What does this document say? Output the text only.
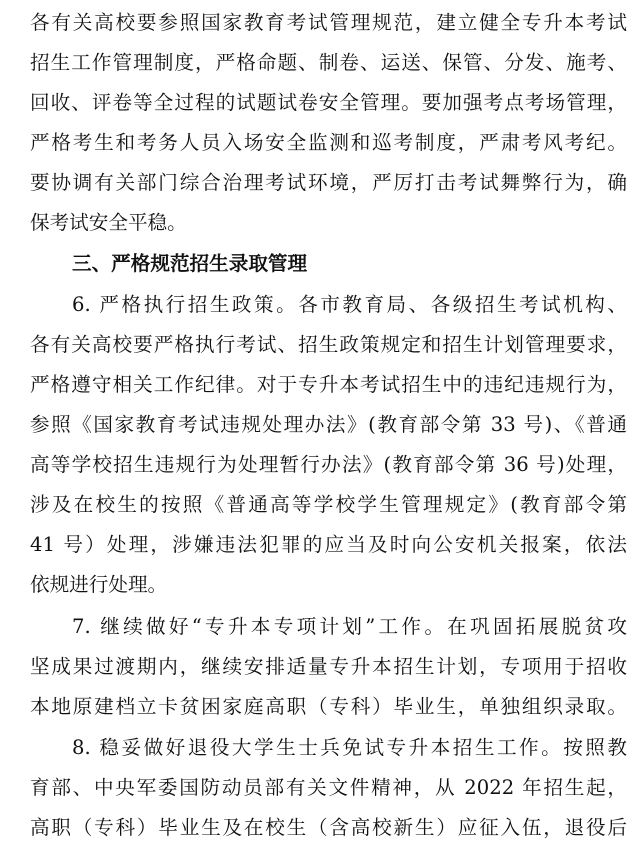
各有关高校要参照国家教育考试管理规范，建立健全专升本考试
招生工作管理制度，严格命题、制卷、运送、保管、分发、施考、
回收、评卷等全过程的试题试卷安全管理。要加强考点考场管理，
严格考生和考务人员入场安全监测和巡考制度，严肃考风考纪。
要协调有关部门综合治理考试环境，严厉打击考试舞弊行为，确
保考试安全平稳。
三、严格规范招生录取管理
6. 严格执行招生政策。各市教育局、各级招生考试机构、
各有关高校要严格执行考试、招生政策规定和招生计划管理要求，
严格遵守相关工作纪律。对于专升本考试招生中的违纪违规行为，
参照《国家教育考试违规处理办法》(教育部令第 33 号)、《普通
高等学校招生违规行为处理暂行办法》(教育部令第 36 号)处理，
涉及在校生的按照《普通高等学校学生管理规定》(教育部令第
41 号）处理，涉嫌违法犯罪的应当及时向公安机关报案，依法
依规进行处理。
7. 继续做好“专升本专项计划”工作。在巩固拓展脱贫攻
坚成果过渡期内，继续安排适量专升本招生计划，专项用于招收
本地原建档立卡贫困家庭高职（专科）毕业生，单独组织录取。
8. 稳妥做好退役大学生士兵免试专升本招生工作。按照教
育部、中央军委国防动员部有关文件精神，从 2022 年招生起，
高职（专科）毕业生及在校生（含高校新生）应征入伍，退役后
